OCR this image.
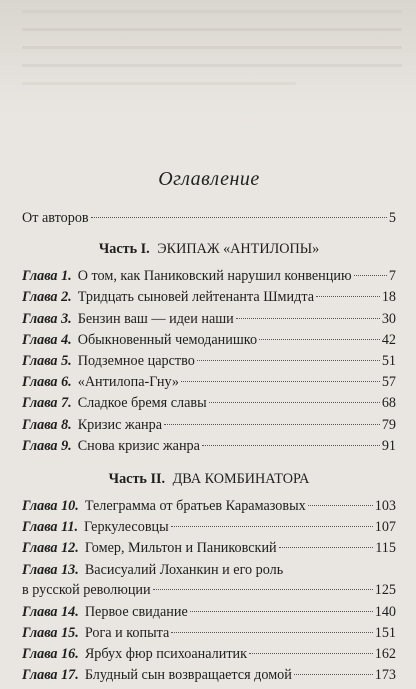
Оглавление
От авторов	5
Часть I. ЭКИПАЖ «АНТИЛОПЫ»
Глава 1. О том, как Паниковский нарушил конвенцию	7
Глава 2. Тридцать сыновей лейтенанта Шмидта	18
Глава 3. Бензин ваш — идеи наши	30
Глава 4. Обыкновенный чемоданишко	42
Глава 5. Подземное царство	51
Глава 6. «Антилопа-Гну»	57
Глава 7. Сладкое бремя славы	68
Глава 8. Кризис жанра	79
Глава 9. Снова кризис жанра	91
Часть II. ДВА КОМБИНАТОРА
Глава 10. Телеграмма от братьев Карамазовых	103
Глава 11. Геркулесовцы	107
Глава 12. Гомер, Мильтон и Паниковский	115
Глава 13. Васисуалий Лоханкин и его роль
в русской революции	125
Глава 14. Первое свидание	140
Глава 15. Рога и копыта	151
Глава 16. Ярбух фюр психоаналитик	162
Глава 17. Блудный сын возвращается домой	173
